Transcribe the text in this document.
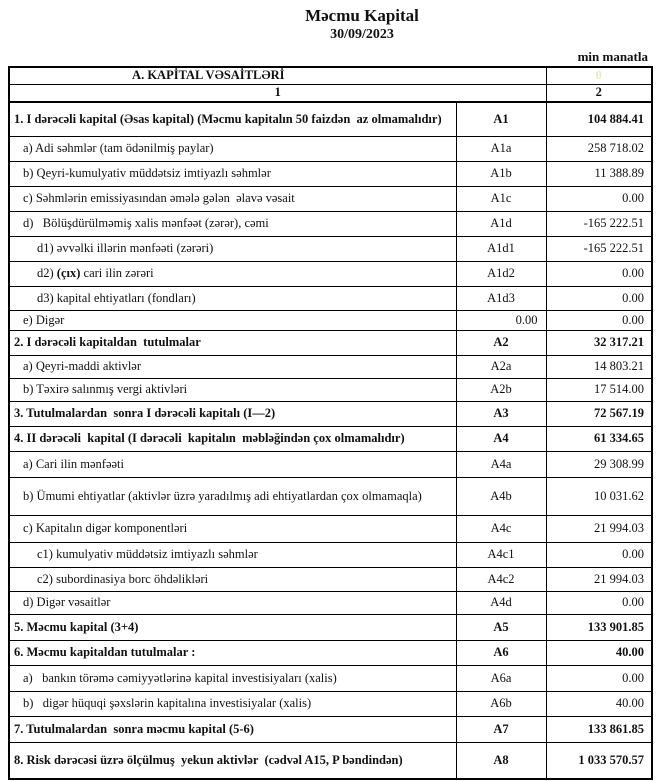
Məcmu Kapital
30/09/2023
min manatla
A. KAPİTAL VƏSAİTLƏRİ		0
1		2
1. I dərəcəli kapital (Əsas kapital) (Məcmu kapitalın 50 faizdən  az olmamalıdır)	A1	104 884.41
a) Adi səhmlər (tam ödənilmiş paylar)	A1a	258 718.02
b) Qeyri-kumulyativ müddətsiz imtiyazlı səhmlər	A1b	11 388.89
c) Səhmlərin emissiyasından əmələ gələn  əlavə vəsait	A1c	0.00
d)   Bölüşdürülməmiş xalis mənfəət (zərər), cəmi	A1d	-165 222.51
d1) əvvəlki illərin mənfəəti (zərəri)	A1d1	-165 222.51
d2) (çıx) cari ilin zərəri	A1d2	0.00
d3) kapital ehtiyatları (fondları)	A1d3	0.00
e) Digər	0.00	0.00
2. I dərəcəli kapitaldan  tutulmalar	A2	32 317.21
a) Qeyri-maddi aktivlər	A2a	14 803.21
b) Təxirə salınmış vergi aktivləri	A2b	17 514.00
3. Tutulmalardan  sonra I dərəcəli kapitalı (I—2)	A3	72 567.19
4. II dərəcəli  kapital (I dərəcəli  kapitalın  məbləğindən çox olmamalıdır)	A4	61 334.65
a) Cari ilin mənfəəti	A4a	29 308.99
b) Ümumi ehtiyatlar (aktivlər üzrə yaradılmış adi ehtiyatlardan çox olmamaqla)	A4b	10 031.62
c) Kapitalın digər komponentləri	A4c	21 994.03
c1) kumulyativ müddətsiz imtiyazlı səhmlər	A4c1	0.00
c2) subordinasiya borc öhdəlikləri	A4c2	21 994.03
d) Digər vəsaitlər	A4d	0.00
5. Məcmu kapital (3+4)	A5	133 901.85
6. Məcmu kapitaldan tutulmalar :	A6	40.00
a)   bankın törəmə cəmiyyətlərinə kapital investisiyaları (xalis)	A6a	0.00
b)   digər hüquqi şəxslərin kapitalına investisiyalar (xalis)	A6b	40.00
7. Tutulmalardan  sonra məcmu kapital (5-6)	A7	133 861.85
8. Risk dərəcəsi üzrə ölçülmuş  yekun aktivlər  (cədvəl A15, P bəndindən)	A8	1 033 570.57
